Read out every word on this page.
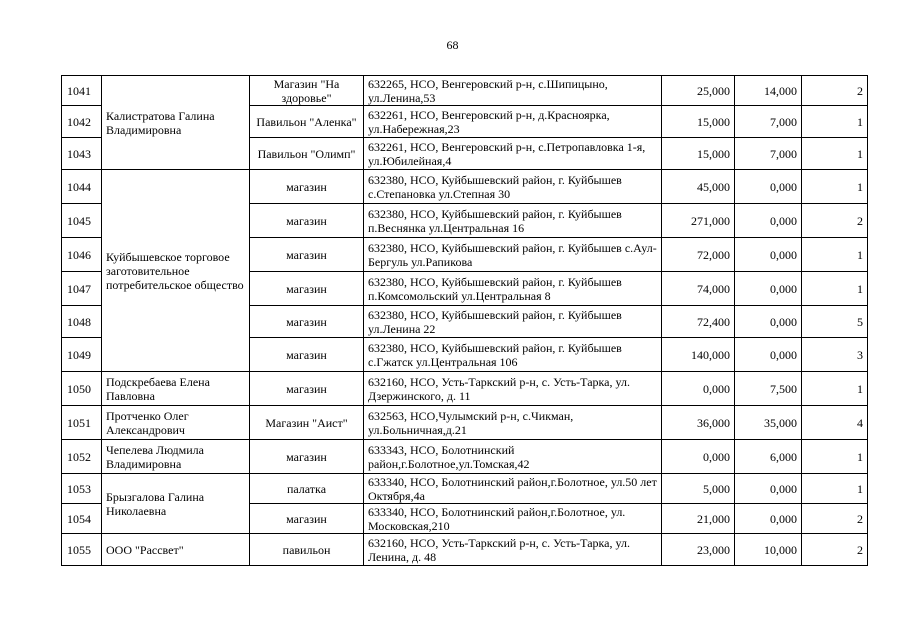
68
1041	Калистратова Галина Владимировна	Магазин "На здоровье"	632265, НСО, Венгеровский р-н, с.Шипицыно, ул.Ленина,53	25,000	14,000	2
1042		Павильон "Аленка"	632261, НСО, Венгеровский р-н, д.Красноярка, ул.Набережная,23	15,000	7,000	1
1043		Павильон "Олимп"	632261, НСО, Венгеровский р-н, с.Петропавловка 1-я, ул.Юбилейная,4	15,000	7,000	1
1044	Куйбышевское торговое заготовительное потребительское общество	магазин	632380, НСО, Куйбышевский район, г. Куйбышев с.Степановка ул.Степная 30	45,000	0,000	1
1045		магазин	632380, НСО, Куйбышевский район, г. Куйбышев п.Веснянка ул.Центральная 16	271,000	0,000	2
1046		магазин	632380, НСО, Куйбышевский район, г. Куйбышев с.Аул-Бергуль ул.Рапикова	72,000	0,000	1
1047		магазин	632380, НСО, Куйбышевский район, г. Куйбышев п.Комсомольский ул.Центральная 8	74,000	0,000	1
1048		магазин	632380, НСО, Куйбышевский район, г. Куйбышев ул.Ленина 22	72,400	0,000	5
1049		магазин	632380, НСО, Куйбышевский район, г. Куйбышев с.Гжатск ул.Центральная 106	140,000	0,000	3
1050	Подскребаева Елена Павловна	магазин	632160, НСО, Усть-Таркский р-н, с. Усть-Тарка, ул. Дзержинского, д. 11	0,000	7,500	1
1051	Протченко Олег Александрович	Магазин "Аист"	632563, НСО,Чулымский р-н, с.Чикман, ул.Больничная,д.21	36,000	35,000	4
1052	Чепелева Людмила Владимировна	магазин	633343, НСО, Болотнинский район,г.Болотное,ул.Томская,42	0,000	6,000	1
1053	Брызгалова Галина Николаевна	палатка	633340, НСО, Болотнинский район,г.Болотное, ул.50 лет Октября,4а	5,000	0,000	1
1054		магазин	633340, НСО, Болотнинский район,г.Болотное, ул. Московская,210	21,000	0,000	2
1055	ООО "Рассвет"	павильон	632160, НСО, Усть-Таркский р-н, с. Усть-Тарка, ул. Ленина, д. 48	23,000	10,000	2
